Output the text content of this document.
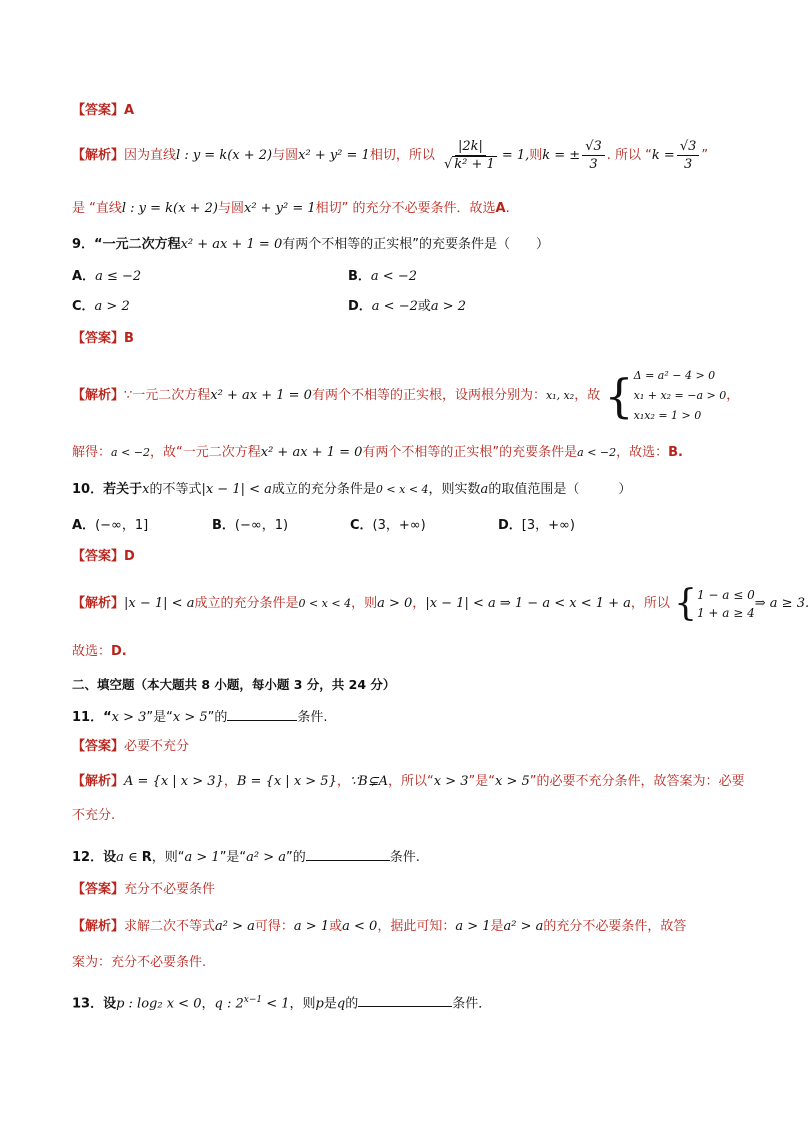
【答案】A
【解析】因为直线l : y = k(x + 2)与圆x² + y² = 1相切，所以 $\frac{|2k|}{\text{√ k² + 1}} = 1$,则k = ± $\frac{√3}{3}$ . 所以 “$k = \frac{√3}{3}$ ”
是 “直线l : y = k(x + 2)与圆x² + y² = 1相切” 的充分不必要条件．故选A.
9．“一元二次方程x² + ax + 1 = 0有两个不相等的正实根”的充要条件是（　　）
A．a ≤ −2	B．a < −2
C．a > 2	D．a < −2或a > 2
【答案】B
【解析】∵一元二次方程x² + ax + 1 = 0有两个不相等的正实根，设两根分别为：x₁, x₂，故 { Δ = a² − 4 > 0
x₁ + x₂ = −a > 0
x₁x₂ = 1 > 0
，
解得：a < −2，故“一元二次方程x² + ax + 1 = 0有两个不相等的正实根”的充要条件是a < −2，故选：B.
10．若关于x的不等式|x − 1| < a成立的充分条件是0 < x < 4，则实数a的取值范围是（　　　）
A．(−∞，1]	B．(−∞，1)	C．(3，+∞)	D．[3，+∞)
【答案】D
【解析】|x − 1| < a成立的充分条件是0 < x < 4，则a > 0，|x − 1| < a ⇒ 1 − a < x < 1 + a，所以 { 1 − a ≤ 0
1 + a ≥ 4
⇒ a ≥ 3.
故选：D.
二、填空题（本大题共 8 小题，每小题 3 分，共 24 分）
11．“x > 3”是“x > 5”的	条件.
【答案】必要不充分
【解析】A = {x | x > 3}，B = {x | x > 5}，∵B⊊A，所以“x > 3”是“x > 5”的必要不充分条件，故答案为：必要
不充分.
12．设a ∈ R，则“a > 1”是“a² > a”的	条件.
【答案】充分不必要条件
【解析】求解二次不等式a² > a可得：a > 1或a < 0，据此可知：a > 1是a² > a的充分不必要条件，故答
案为：充分不必要条件.
13．设p : log₂ x < 0，q : $2^{x-1} < 1$，则p是q的	条件．
